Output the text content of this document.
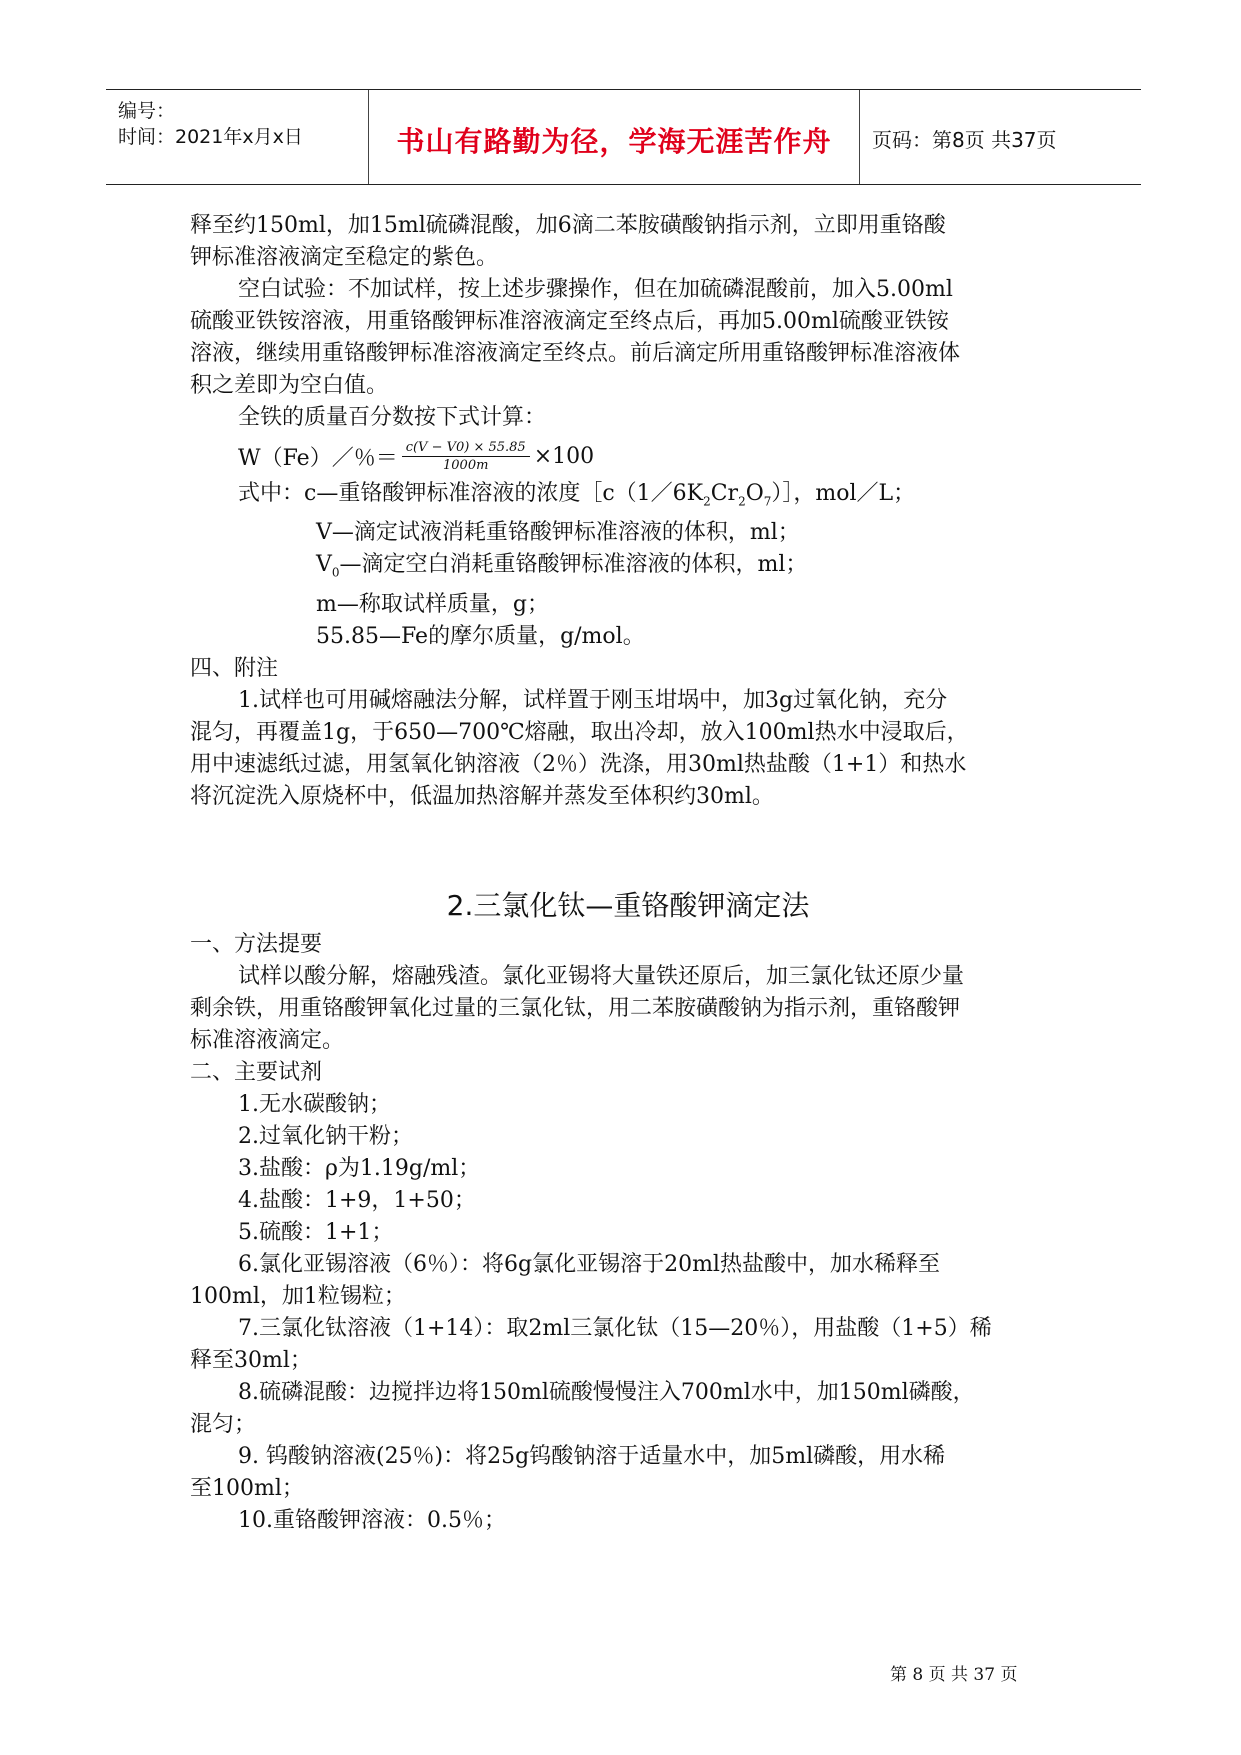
编号：
时间：2021年x月x日	书山有路勤为径，学海无涯苦作舟	页码：第8页 共37页

释至约150ml，加15ml硫磷混酸，加6滴二苯胺磺酸钠指示剂，立即用重铬酸

钾标准溶液滴定至稳定的紫色。

空白试验：不加试样，按上述步骤操作，但在加硫磷混酸前，加入5.00ml

硫酸亚铁铵溶液，用重铬酸钾标准溶液滴定至终点后，再加5.00ml硫酸亚铁铵

溶液，继续用重铬酸钾标准溶液滴定至终点。前后滴定所用重铬酸钾标准溶液体

积之差即为空白值。

全铁的质量百分数按下式计算：

W（Fe）／％＝ $\frac{c(V - V0) \times 55.85}{1000m} \times 100$

式中：c—重铬酸钾标准溶液的浓度$[c(1/6K_2Cr_2O_7)]$，mol／L；

V—滴定试液消耗重铬酸钾标准溶液的体积，ml；

$V_0—$滴定空白消耗重铬酸钾标准溶液的体积，ml；

m—称取试样质量，g；

55.85—Fe的摩尔质量，g/mol。

四、附注

1.试样也可用碱熔融法分解，试样置于刚玉坩埚中，加3g过氧化钠，充分

混匀，再覆盖1g，于650—700℃熔融，取出冷却，放入100ml热水中浸取后，

用中速滤纸过滤，用氢氧化钠溶液（2％）洗涤，用30ml热盐酸（1+1）和热水

将沉淀洗入原烧杯中，低温加热溶解并蒸发至体积约30ml。

2.三氯化钛—重铬酸钾滴定法

一、方法提要

试样以酸分解，熔融残渣。氯化亚锡将大量铁还原后，加三氯化钛还原少量

剩余铁，用重铬酸钾氧化过量的三氯化钛，用二苯胺磺酸钠为指示剂，重铬酸钾

标准溶液滴定。

二、主要试剂

1.无水碳酸钠；

2.过氧化钠干粉；

3.盐酸：ρ为1.19g/ml；

4.盐酸：1+9，1+50；

5.硫酸：1+1；

6.氯化亚锡溶液（6％）：将6g氯化亚锡溶于20ml热盐酸中，加水稀释至

100ml，加1粒锡粒；

7.三氯化钛溶液（1+14）：取2ml三氯化钛（15—20％），用盐酸（1+5）稀

释至30ml；

8.硫磷混酸：边搅拌边将150ml硫酸慢慢注入700ml水中，加150ml磷酸，

混匀；

9. 钨酸钠溶液(25％)：将25g钨酸钠溶于适量水中，加5ml磷酸，用水稀

至100ml；

10.重铬酸钾溶液：0.5％；

第 8 页 共 37 页
